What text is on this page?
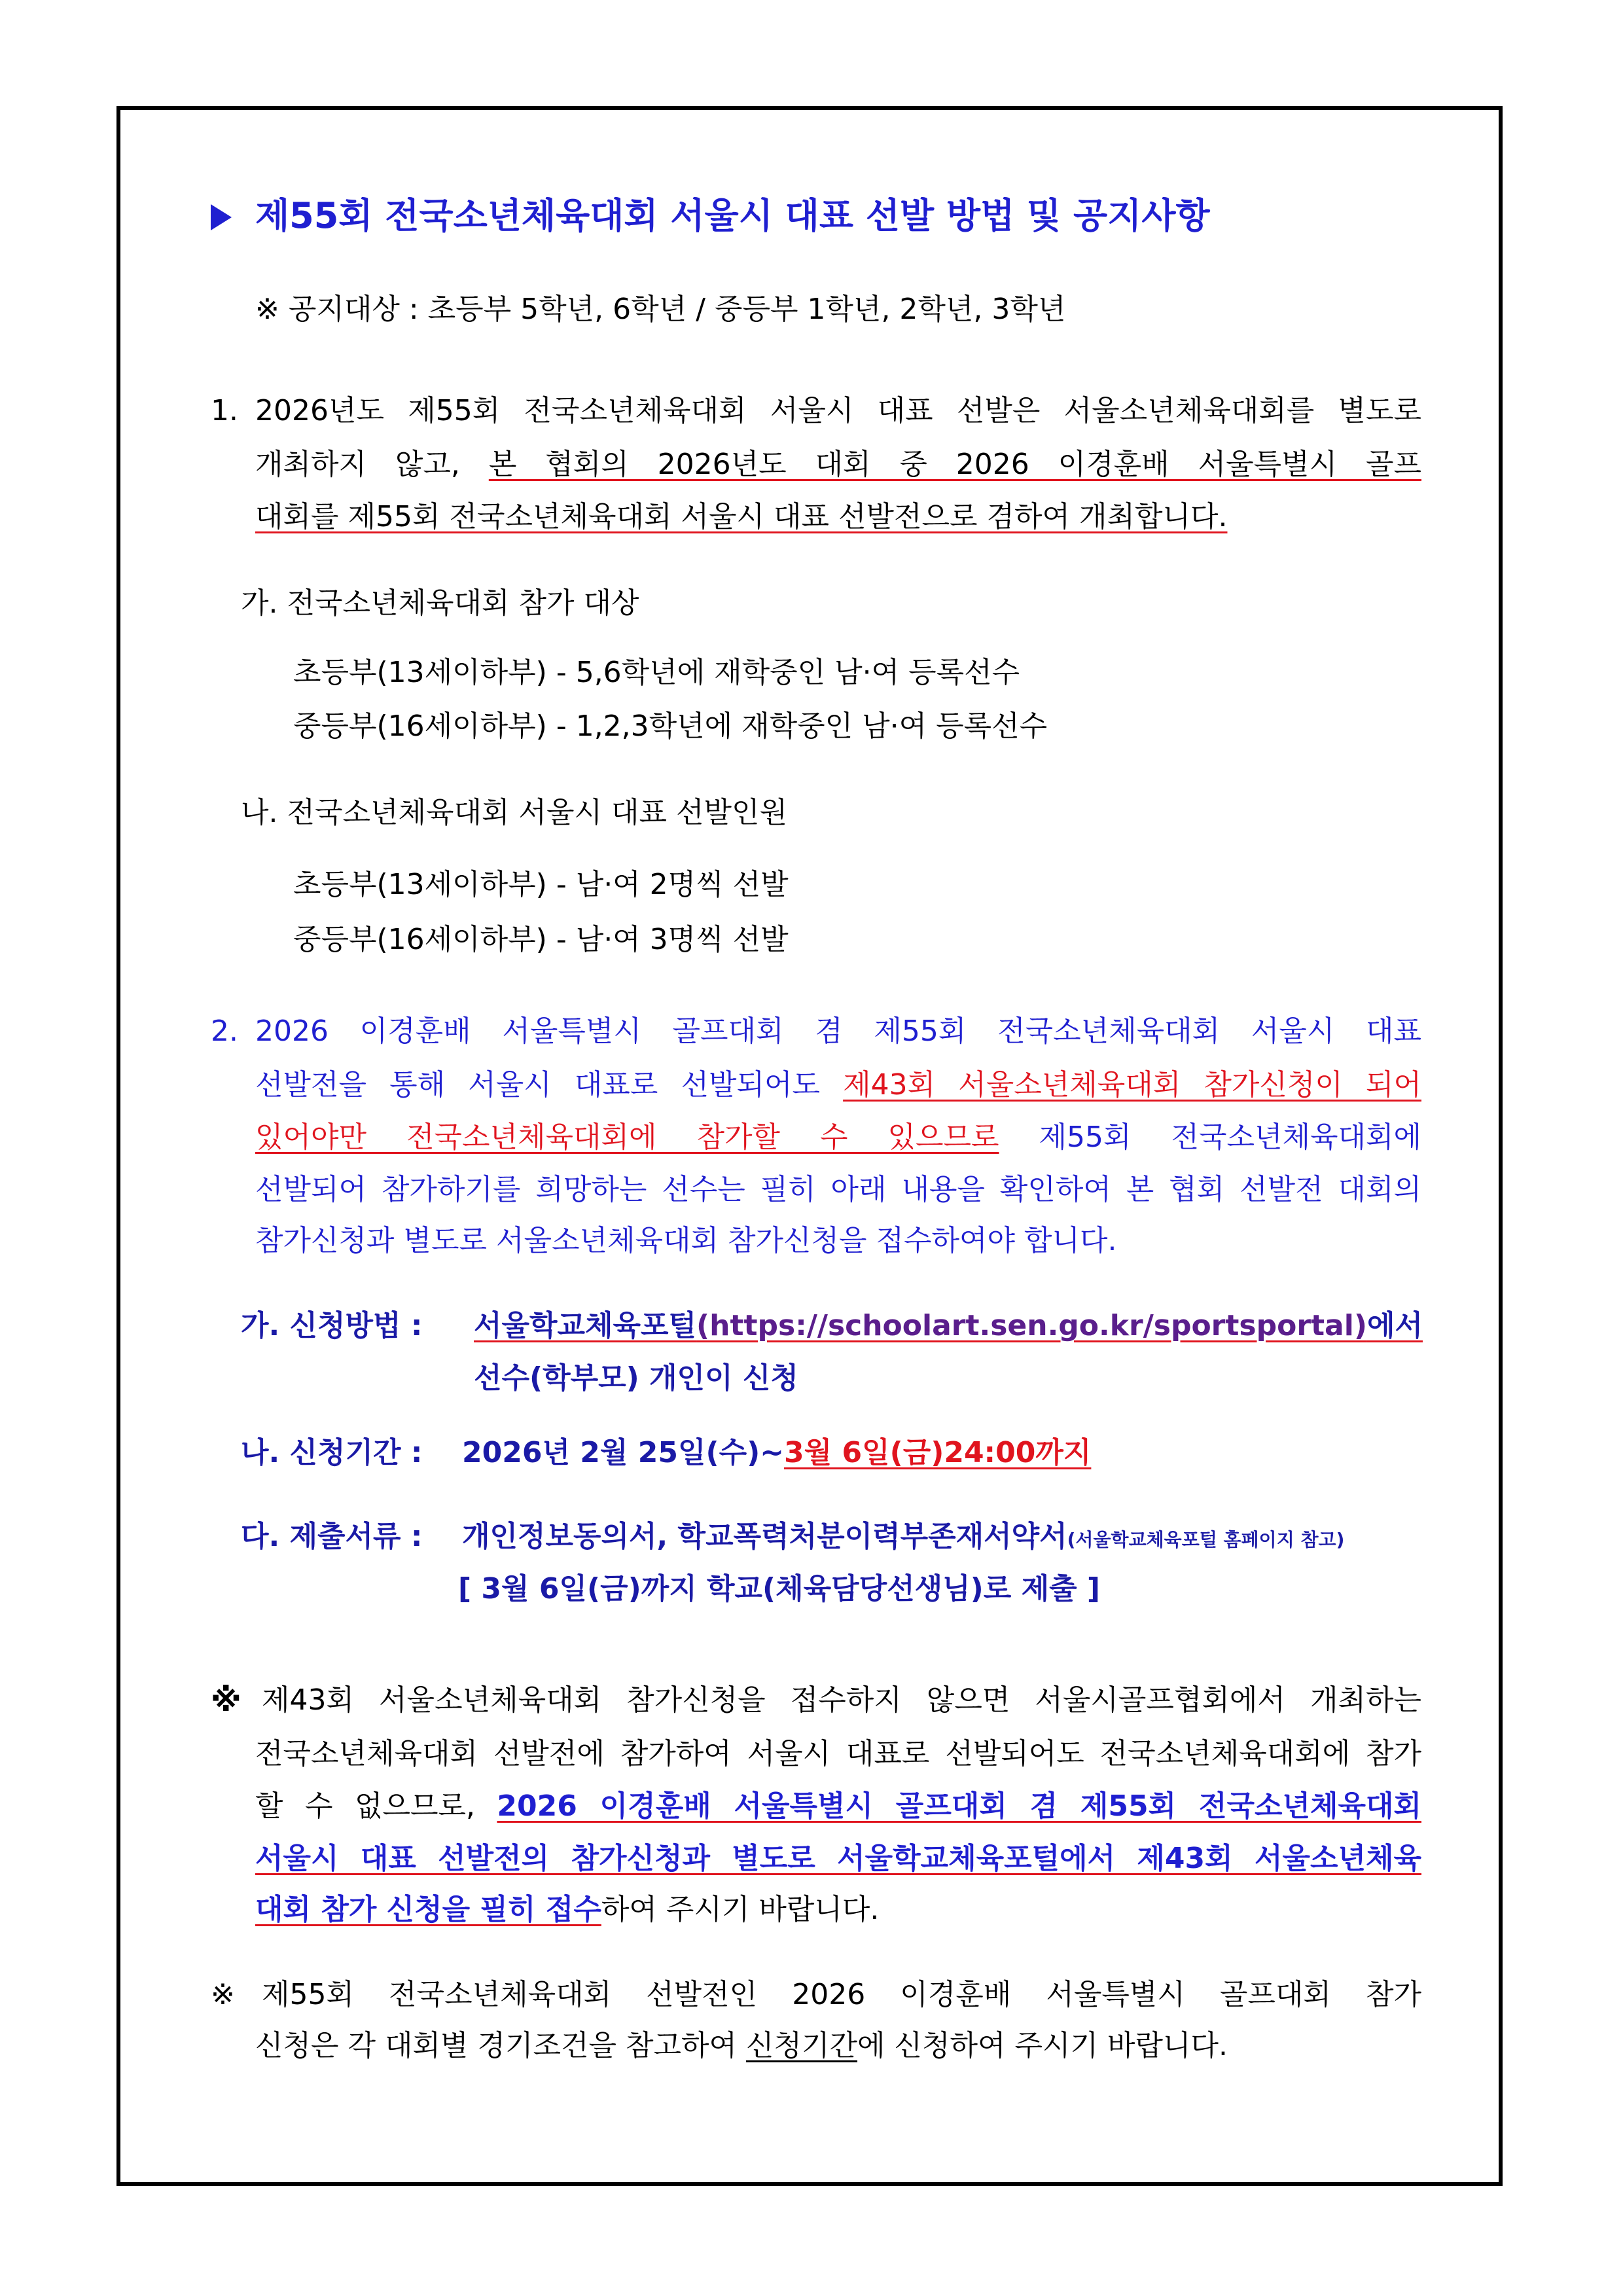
제55회 전국소년체육대회 서울시 대표 선발 방법 및 공지사항
※ 공지대상 : 초등부 5학년, 6학년 / 중등부 1학년, 2학년, 3학년
1. 2026년도 제55회 전국소년체육대회 서울시 대표 선발은 서울소년체육대회를 별도로
개최하지 않고, 본 협회의 2026년도 대회 중 2026 이경훈배 서울특별시 골프
대회를 제55회 전국소년체육대회 서울시 대표 선발전으로 겸하여 개최합니다.
가. 전국소년체육대회 참가 대상
초등부(13세이하부) - 5,6학년에 재학중인 남·여 등록선수
중등부(16세이하부) - 1,2,3학년에 재학중인 남·여 등록선수
나. 전국소년체육대회 서울시 대표 선발인원
초등부(13세이하부) - 남·여 2명씩 선발
중등부(16세이하부) - 남·여 3명씩 선발
2. 2026 이경훈배 서울특별시 골프대회 겸 제55회 전국소년체육대회 서울시 대표
선발전을 통해 서울시 대표로 선발되어도 제43회 서울소년체육대회 참가신청이 되어
있어야만 전국소년체육대회에 참가할 수 있으므로 제55회 전국소년체육대회에
선발되어 참가하기를 희망하는 선수는 필히 아래 내용을 확인하여 본 협회 선발전 대회의
참가신청과 별도로 서울소년체육대회 참가신청을 접수하여야 합니다.
가. 신청방법 : 서울학교체육포털(https://schoolart.sen.go.kr/sportsportal)에서
선수(학부모) 개인이 신청
나. 신청기간 : 2026년 2월 25일(수)~3월 6일(금)24:00까지
다. 제출서류 : 개인정보동의서, 학교폭력처분이력부존재서약서(서울학교체육포털 홈페이지 참고)
[ 3월 6일(금)까지 학교(체육담당선생님)로 제출 ]
※ 제43회 서울소년체육대회 참가신청을 접수하지 않으면 서울시골프협회에서 개최하는
전국소년체육대회 선발전에 참가하여 서울시 대표로 선발되어도 전국소년체육대회에 참가
할 수 없으므로, 2026 이경훈배 서울특별시 골프대회 겸 제55회 전국소년체육대회
서울시 대표 선발전의 참가신청과 별도로 서울학교체육포털에서 제43회 서울소년체육
대회 참가 신청을 필히 접수하여 주시기 바랍니다.
※ 제55회 전국소년체육대회 선발전인 2026 이경훈배 서울특별시 골프대회 참가
신청은 각 대회별 경기조건을 참고하여 신청기간에 신청하여 주시기 바랍니다.
